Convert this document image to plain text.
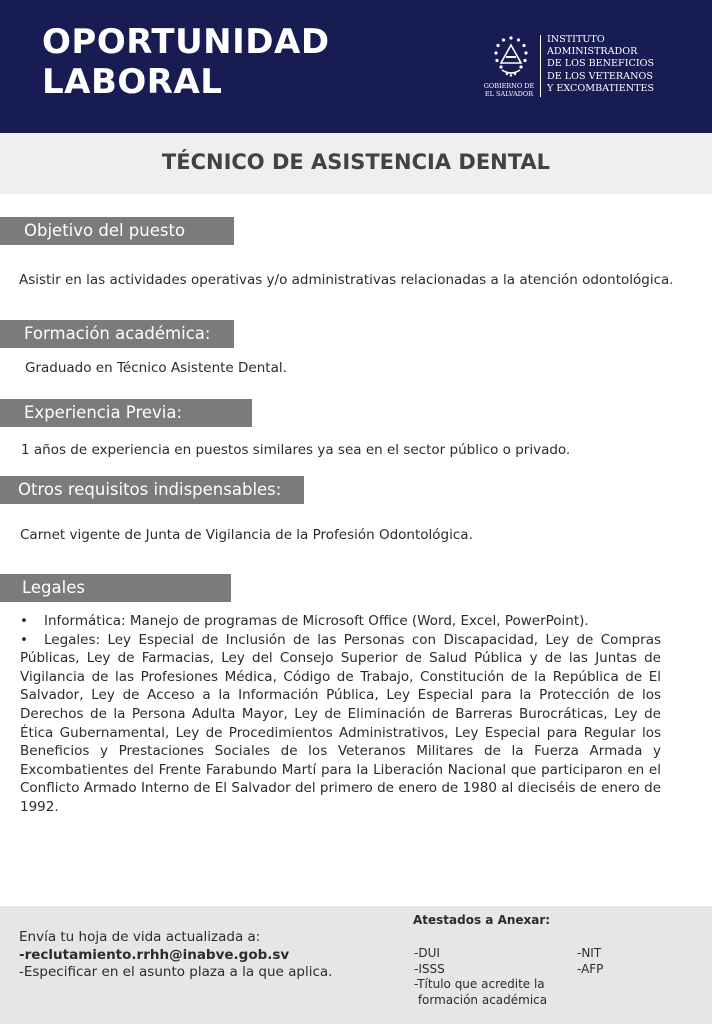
OPORTUNIDAD
LABORAL	GOBIERNO DE
EL SALVADOR
INSTITUTO
ADMINISTRADOR
DE LOS BENEFICIOS
DE LOS VETERANOS
Y EXCOMBATIENTES
TÉCNICO DE ASISTENCIA DENTAL
Objetivo del puesto

Asistir en las actividades operativas y/o administrativas relacionadas a la atención odontológica.

Formación académica:

Graduado en Técnico Asistente Dental.

Experiencia Previa:

1 años de experiencia en puestos similares ya sea en el sector público o privado.

Otros requisitos indispensables:

Carnet vigente de Junta de Vigilancia de la Profesión Odontológica.

Legales
• Informática: Manejo de programas de Microsoft Office (Word, Excel, PowerPoint).
• Legales: Ley Especial de Inclusión de las Personas con Discapacidad, Ley de Compras Públicas, Ley de Farmacias, Ley del Consejo Superior de Salud Pública y de las Juntas de Vigilancia de las Profesiones Médica, Código de Trabajo, Constitución de la República de El Salvador, Ley de Acceso a la Información Pública, Ley Especial para la Protección de los Derechos de la Persona Adulta Mayor, Ley de Eliminación de Barreras Burocráticas, Ley de Ética Gubernamental, Ley de Procedimientos Administrativos, Ley Especial para Regular los Beneficios y Prestaciones Sociales de los Veteranos Militares de la Fuerza Armada y Excombatientes del Frente Farabundo Martí para la Liberación Nacional que participaron en el Conflicto Armado Interno de El Salvador del primero de enero de 1980 al dieciséis de enero de 1992.
Envía tu hoja de vida actualizada a:
-reclutamiento.rrhh@inabve.gob.sv
-Especificar en el asunto plaza a la que aplica.
Atestados a Anexar:
-DUI
-ISSS
-Título que acredite la
formación académica
-NIT
-AFP
